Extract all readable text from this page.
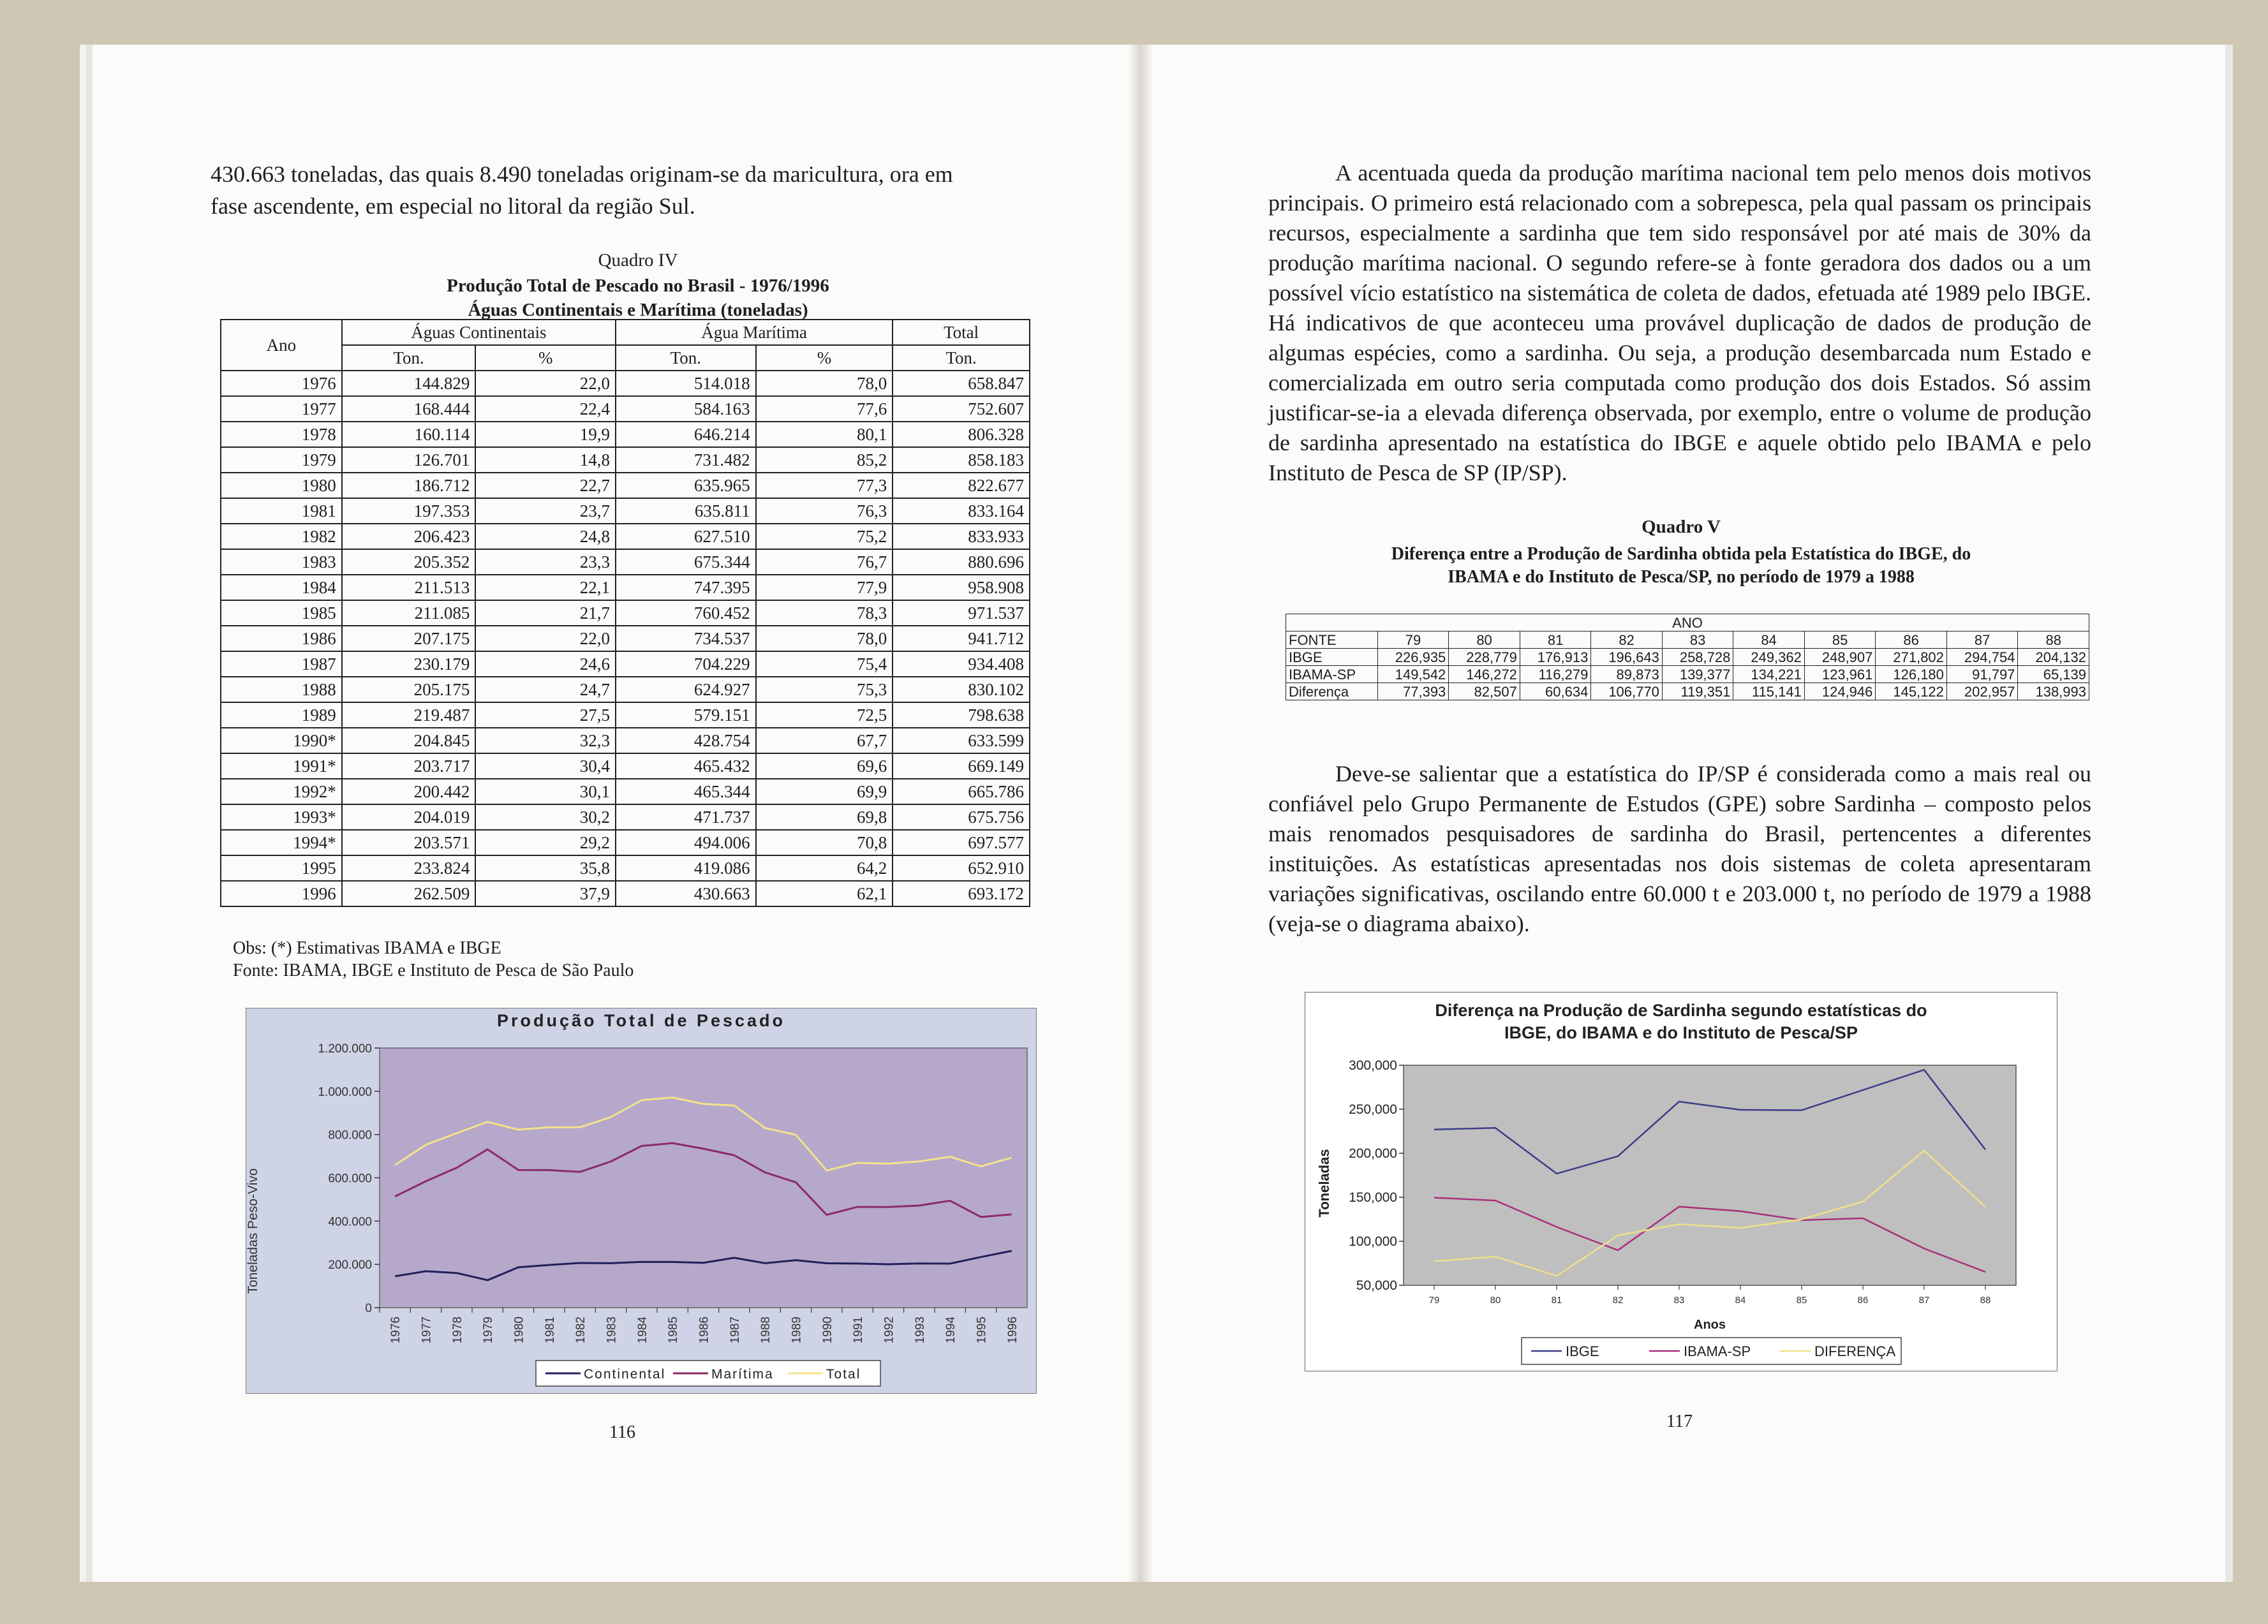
430.663 toneladas, das quais 8.490 toneladas originam-se da maricultura, ora em
fase ascendente, em especial no litoral da região Sul.
Quadro IV
Produção Total de Pescado no Brasil - 1976/1996
Águas Continentais e Marítima (toneladas)
Ano	Águas Continentais		Água Marítima		Total
	Ton.	%	Ton.	%	Ton.
1976	144.829	22,0	514.018	78,0	658.847
1977	168.444	22,4	584.163	77,6	752.607
1978	160.114	19,9	646.214	80,1	806.328
1979	126.701	14,8	731.482	85,2	858.183
1980	186.712	22,7	635.965	77,3	822.677
1981	197.353	23,7	635.811	76,3	833.164
1982	206.423	24,8	627.510	75,2	833.933
1983	205.352	23,3	675.344	76,7	880.696
1984	211.513	22,1	747.395	77,9	958.908
1985	211.085	21,7	760.452	78,3	971.537
1986	207.175	22,0	734.537	78,0	941.712
1987	230.179	24,6	704.229	75,4	934.408
1988	205.175	24,7	624.927	75,3	830.102
1989	219.487	27,5	579.151	72,5	798.638
1990*	204.845	32,3	428.754	67,7	633.599
1991*	203.717	30,4	465.432	69,6	669.149
1992*	200.442	30,1	465.344	69,9	665.786
1993*	204.019	30,2	471.737	69,8	675.756
1994*	203.571	29,2	494.006	70,8	697.577
1995	233.824	35,8	419.086	64,2	652.910
1996	262.509	37,9	430.663	62,1	693.172
Obs: (*) Estimativas IBAMA e IBGE
Fonte: IBAMA, IBGE e Instituto de Pesca de São Paulo
Produção Total de Pescado
Toneladas Peso-Vivo
0
200.000
400.000
600.000
800.000
1.000.000
1.200.000
1976 1977 1978 1979 1980 1981 1982 1983 1984 1985 1986 1987 1988 1989 1990 1991 1992 1993 1994 1995 1996
Continental	Marítima	Total
116

A acentuada queda da produção marítima nacional tem pelo menos dois motivos principais. O primeiro está relacionado com a sobrepesca, pela qual passam os principais recursos, especialmente a sardinha que tem sido responsável por até mais de 30% da produção marítima nacional. O segundo refere-se à fonte geradora dos dados ou a um possível vício estatístico na sistemática de coleta de dados, efetuada até 1989 pelo IBGE. Há indicativos de que aconteceu uma provável duplicação de dados de produção de algumas espécies, como a sardinha. Ou seja, a produção desembarcada num Estado e comercializada em outro seria computada como produção dos dois Estados. Só assim justificar-se-ia a elevada diferença observada, por exemplo, entre o volume de produção de sardinha apresentado na estatística do IBGE e aquele obtido pelo IBAMA e pelo Instituto de Pesca de SP (IP/SP).

Quadro V
Diferença entre a Produção de Sardinha obtida pela Estatística do IBGE, do
IBAMA e do Instituto de Pesca/SP, no período de 1979 a 1988
ANO										
FONTE	79	80	81	82	83	84	85	86	87	88
IBGE	226,935	228,779	176,913	196,643	258,728	249,362	248,907	271,802	294,754	204,132
IBAMA-SP	149,542	146,272	116,279	89,873	139,377	134,221	123,961	126,180	91,797	65,139
Diferença	77,393	82,507	60,634	106,770	119,351	115,141	124,946	145,122	202,957	138,993

Deve-se salientar que a estatística do IP/SP é considerada como a mais real ou confiável pelo Grupo Permanente de Estudos (GPE) sobre Sardinha – composto pelos mais renomados pesquisadores de sardinha do Brasil, pertencentes a diferentes instituições. As estatísticas apresentadas nos dois sistemas de coleta apresentaram variações significativas, oscilando entre 60.000 t e 203.000 t, no período de 1979 a 1988 (veja-se o diagrama abaixo).

Diferença na Produção de Sardinha segundo estatísticas do
IBGE, do IBAMA e do Instituto de Pesca/SP
Toneladas
Anos
50,000
100,000
150,000
200,000
250,000
300,000
79	80	81	82	83	84	85	86	87	88
IBGE	IBAMA-SP	DIFERENÇA
117
